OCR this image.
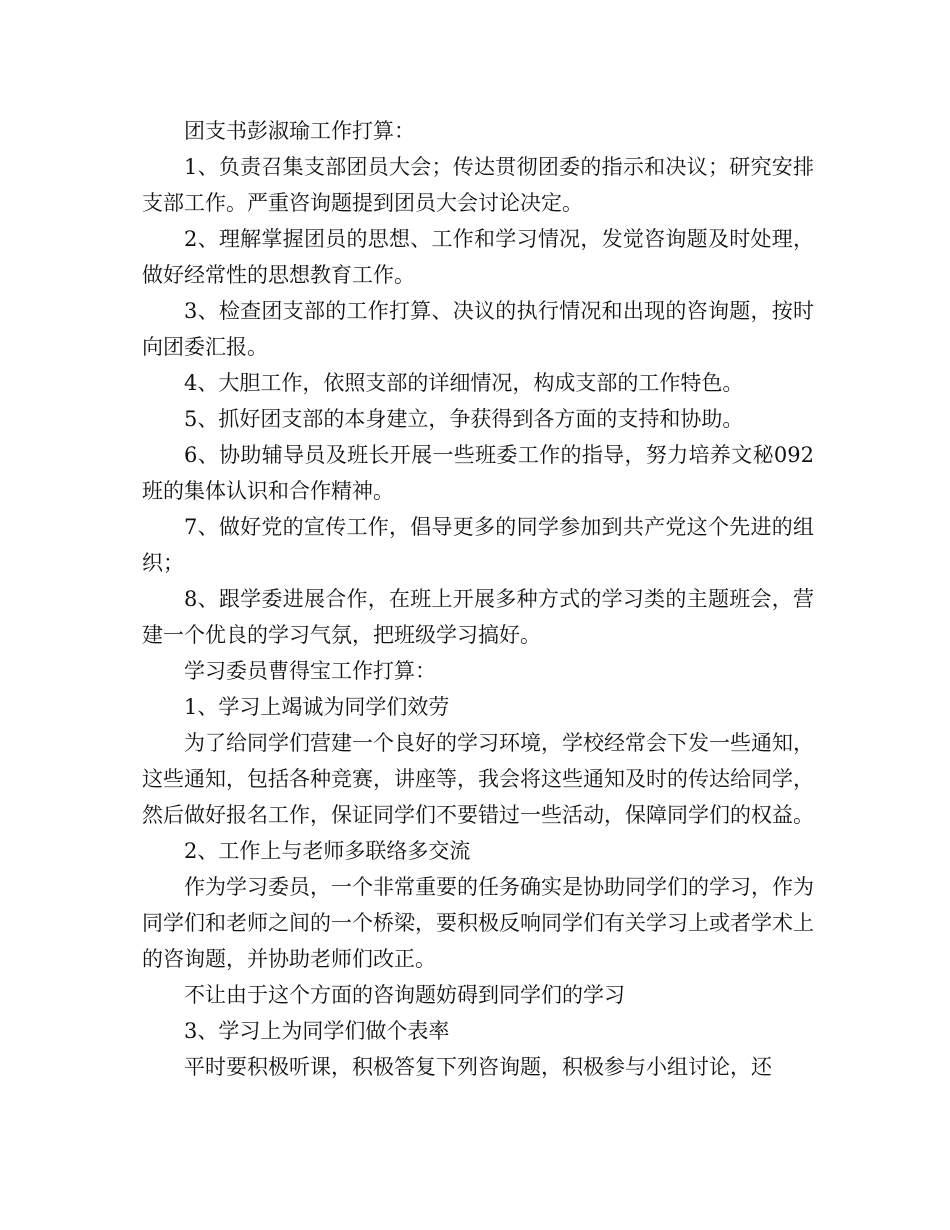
团支书彭淑瑜工作打算：

1、负责召集支部团员大会；传达贯彻团委的指示和决议；研究安排支部工作。严重咨询题提到团员大会讨论决定。

2、理解掌握团员的思想、工作和学习情况，发觉咨询题及时处理，做好经常性的思想教育工作。

3、检查团支部的工作打算、决议的执行情况和出现的咨询题，按时向团委汇报。

4、大胆工作，依照支部的详细情况，构成支部的工作特色。

5、抓好团支部的本身建立，争获得到各方面的支持和协助。

6、协助辅导员及班长开展一些班委工作的指导，努力培养文秘092班的集体认识和合作精神。

7、做好党的宣传工作，倡导更多的同学参加到共产党这个先进的组织；

8、跟学委进展合作，在班上开展多种方式的学习类的主题班会，营建一个优良的学习气氛，把班级学习搞好。

学习委员曹得宝工作打算：

1、学习上竭诚为同学们效劳

为了给同学们营建一个良好的学习环境，学校经常会下发一些通知，这些通知，包括各种竞赛，讲座等，我会将这些通知及时的传达给同学，然后做好报名工作，保证同学们不要错过一些活动，保障同学们的权益。

2、工作上与老师多联络多交流

作为学习委员，一个非常重要的任务确实是协助同学们的学习，作为同学们和老师之间的一个桥梁，要积极反响同学们有关学习上或者学术上的咨询题，并协助老师们改正。

不让由于这个方面的咨询题妨碍到同学们的学习

3、学习上为同学们做个表率

平时要积极听课，积极答复下列咨询题，积极参与小组讨论，还
